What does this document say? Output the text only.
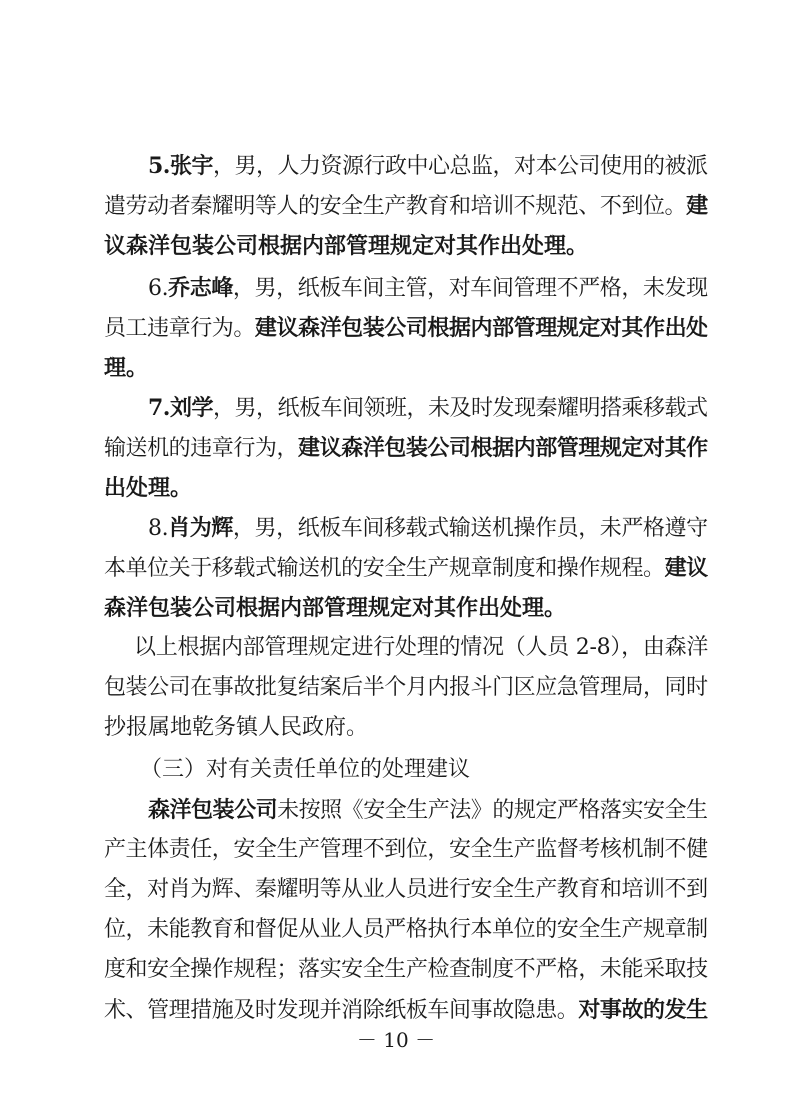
5.张宇，男，人力资源行政中心总监，对本公司使用的被派
遣劳动者秦耀明等人的安全生产教育和培训不规范、不到位。建
议森洋包装公司根据内部管理规定对其作出处理。
6.乔志峰，男，纸板车间主管，对车间管理不严格，未发现
员工违章行为。建议森洋包装公司根据内部管理规定对其作出处
理。
7.刘学，男，纸板车间领班，未及时发现秦耀明搭乘移载式
输送机的违章行为，建议森洋包装公司根据内部管理规定对其作
出处理。
8.肖为辉，男，纸板车间移载式输送机操作员，未严格遵守
本单位关于移载式输送机的安全生产规章制度和操作规程。建议
森洋包装公司根据内部管理规定对其作出处理。
以上根据内部管理规定进行处理的情况（人员 2-8），由森洋
包装公司在事故批复结案后半个月内报斗门区应急管理局，同时
抄报属地乾务镇人民政府。
（三）对有关责任单位的处理建议
森洋包装公司未按照《安全生产法》的规定严格落实安全生
产主体责任，安全生产管理不到位，安全生产监督考核机制不健
全，对肖为辉、秦耀明等从业人员进行安全生产教育和培训不到
位，未能教育和督促从业人员严格执行本单位的安全生产规章制
度和安全操作规程；落实安全生产检查制度不严格，未能采取技
术、管理措施及时发现并消除纸板车间事故隐患。对事故的发生
－ 10 －
